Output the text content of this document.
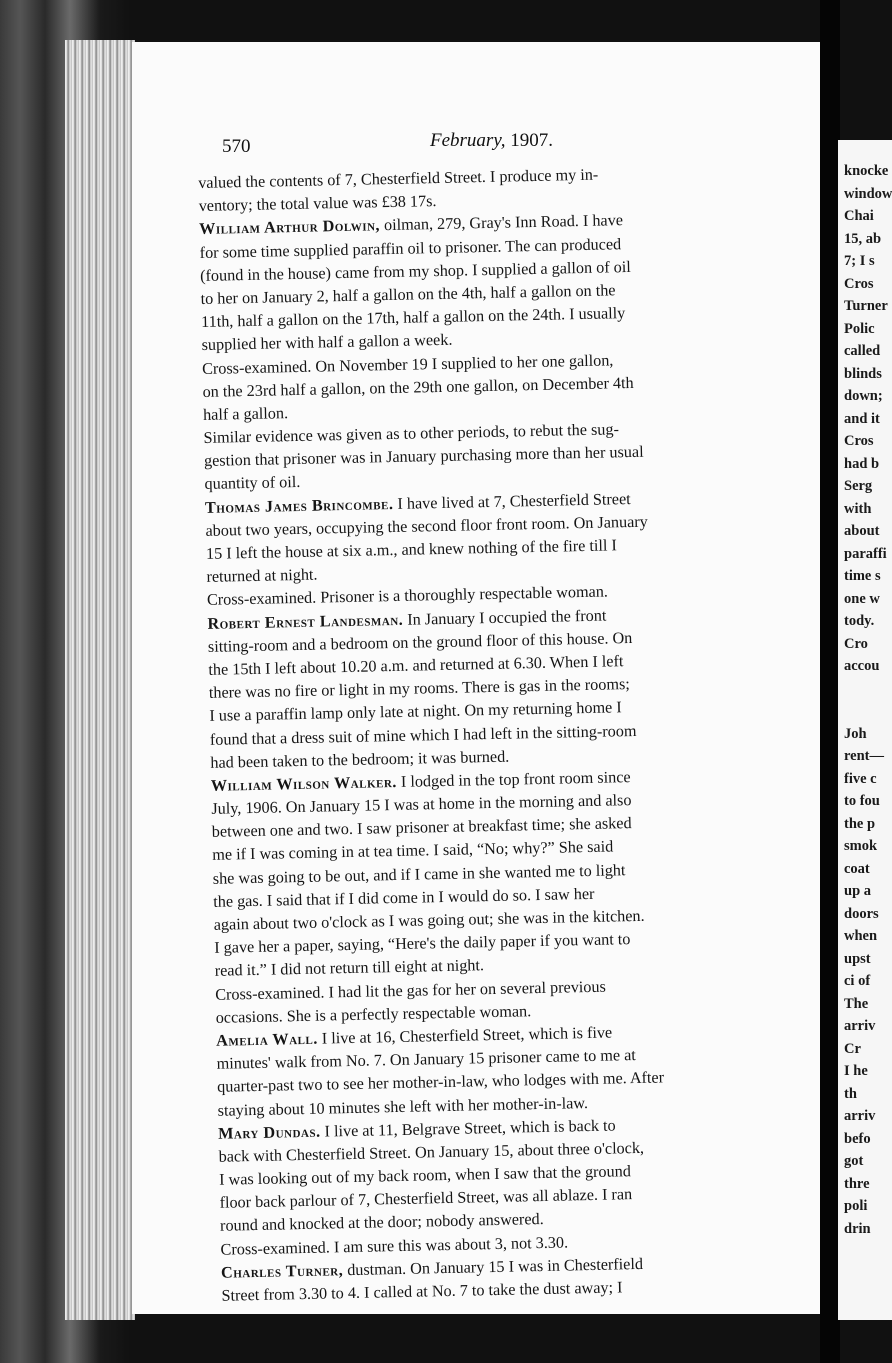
knocke
window
Chai
15, ab
7; I s
Cros
Turner
Polic
called
blinds
down;
and it
Cros
had b
Serg
with
about
paraffi
time s
one w
tody.
Cro
accou
Joh
rent—
five c
to fou
the p
smok
coat
up a
doors
when
upst
ci of
The
arriv
Cr
I he
th
arriv
befo
got
thre
poli
drin
570	February, 1907.
valued the contents of 7, Chesterfield Street. I produce my in-
ventory; the total value was £38 17s.
William Arthur Dolwin, oilman, 279, Gray's Inn Road. I have
for some time supplied paraffin oil to prisoner. The can produced
(found in the house) came from my shop. I supplied a gallon of oil
to her on January 2, half a gallon on the 4th, half a gallon on the
11th, half a gallon on the 17th, half a gallon on the 24th. I usually
supplied her with half a gallon a week.
Cross-examined. On November 19 I supplied to her one gallon,
on the 23rd half a gallon, on the 29th one gallon, on December 4th
half a gallon.
Similar evidence was given as to other periods, to rebut the sug-
gestion that prisoner was in January purchasing more than her usual
quantity of oil.
Thomas James Brincombe. I have lived at 7, Chesterfield Street
about two years, occupying the second floor front room. On January
15 I left the house at six a.m., and knew nothing of the fire till I
returned at night.
Cross-examined. Prisoner is a thoroughly respectable woman.
Robert Ernest Landesman. In January I occupied the front
sitting-room and a bedroom on the ground floor of this house. On
the 15th I left about 10.20 a.m. and returned at 6.30. When I left
there was no fire or light in my rooms. There is gas in the rooms;
I use a paraffin lamp only late at night. On my returning home I
found that a dress suit of mine which I had left in the sitting-room
had been taken to the bedroom; it was burned.
William Wilson Walker. I lodged in the top front room since
July, 1906. On January 15 I was at home in the morning and also
between one and two. I saw prisoner at breakfast time; she asked
me if I was coming in at tea time. I said, “No; why?” She said
she was going to be out, and if I came in she wanted me to light
the gas. I said that if I did come in I would do so. I saw her
again about two o'clock as I was going out; she was in the kitchen.
I gave her a paper, saying, “Here's the daily paper if you want to
read it.” I did not return till eight at night.
Cross-examined. I had lit the gas for her on several previous
occasions. She is a perfectly respectable woman.
Amelia Wall. I live at 16, Chesterfield Street, which is five
minutes' walk from No. 7. On January 15 prisoner came to me at
quarter-past two to see her mother-in-law, who lodges with me. After
staying about 10 minutes she left with her mother-in-law.
Mary Dundas. I live at 11, Belgrave Street, which is back to
back with Chesterfield Street. On January 15, about three o'clock,
I was looking out of my back room, when I saw that the ground
floor back parlour of 7, Chesterfield Street, was all ablaze. I ran
round and knocked at the door; nobody answered.
Cross-examined. I am sure this was about 3, not 3.30.
Charles Turner, dustman. On January 15 I was in Chesterfield
Street from 3.30 to 4. I called at No. 7 to take the dust away; I
